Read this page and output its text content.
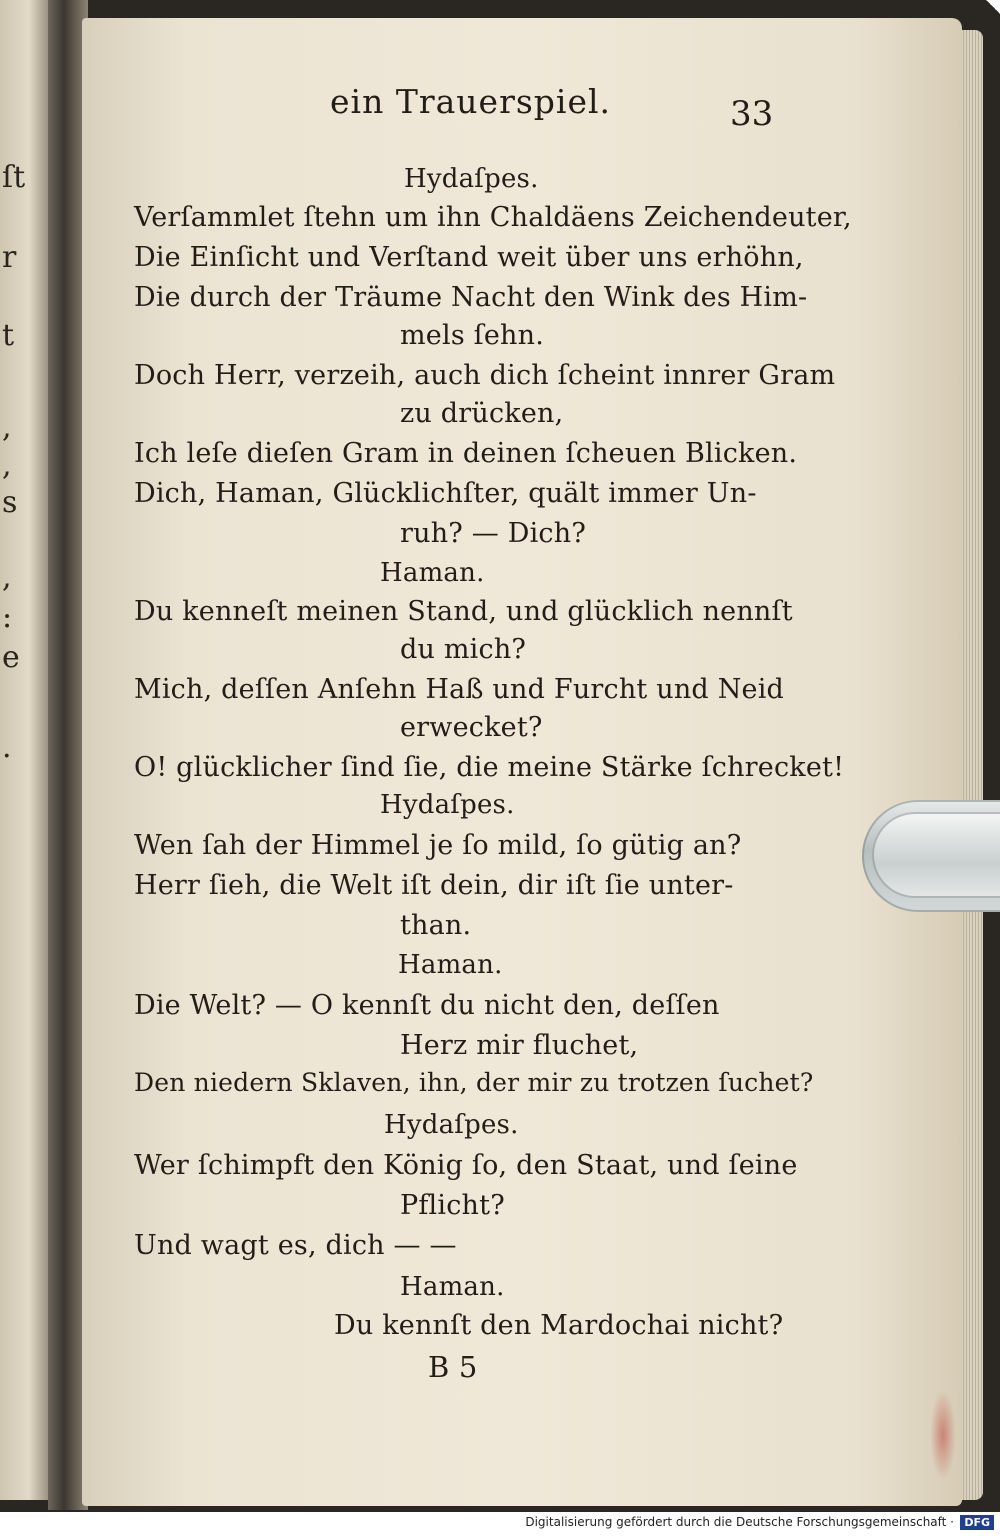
ſt
r
t
,
,
s
,
:
e
.
ein Trauerspiel.	33
Hydaſpes.
Verſammlet ſtehn um ihn Chaldäens Zeichendeuter,
Die Einſicht und Verſtand weit über uns erhöhn,
Die durch der Träume Nacht den Wink des Him-
mels ſehn.
Doch Herr, verzeih, auch dich ſcheint innrer Gram
zu drücken,
Ich leſe dieſen Gram in deinen ſcheuen Blicken.
Dich, Haman, Glücklichſter, quält immer Un-
ruh? — Dich?
Haman.
Du kenneſt meinen Stand, und glücklich nennſt
du mich?
Mich, deſſen Anſehn Haß und Furcht und Neid
erwecket?
O! glücklicher ſind ſie, die meine Stärke ſchrecket!
Hydaſpes.
Wen ſah der Himmel je ſo mild, ſo gütig an?
Herr ſieh, die Welt iſt dein, dir iſt ſie unter-
than.
Haman.
Die Welt? — O kennſt du nicht den, deſſen
Herz mir fluchet,
Den niedern Sklaven, ihn, der mir zu trotzen ſuchet?
Hydaſpes.
Wer ſchimpft den König ſo, den Staat, und ſeine
Pflicht?
Und wagt es, dich — —
Haman.
Du kennſt den Mardochai nicht?
B 5
Digitalisierung gefördert durch die Deutsche Forschungsgemeinschaft · DFG
